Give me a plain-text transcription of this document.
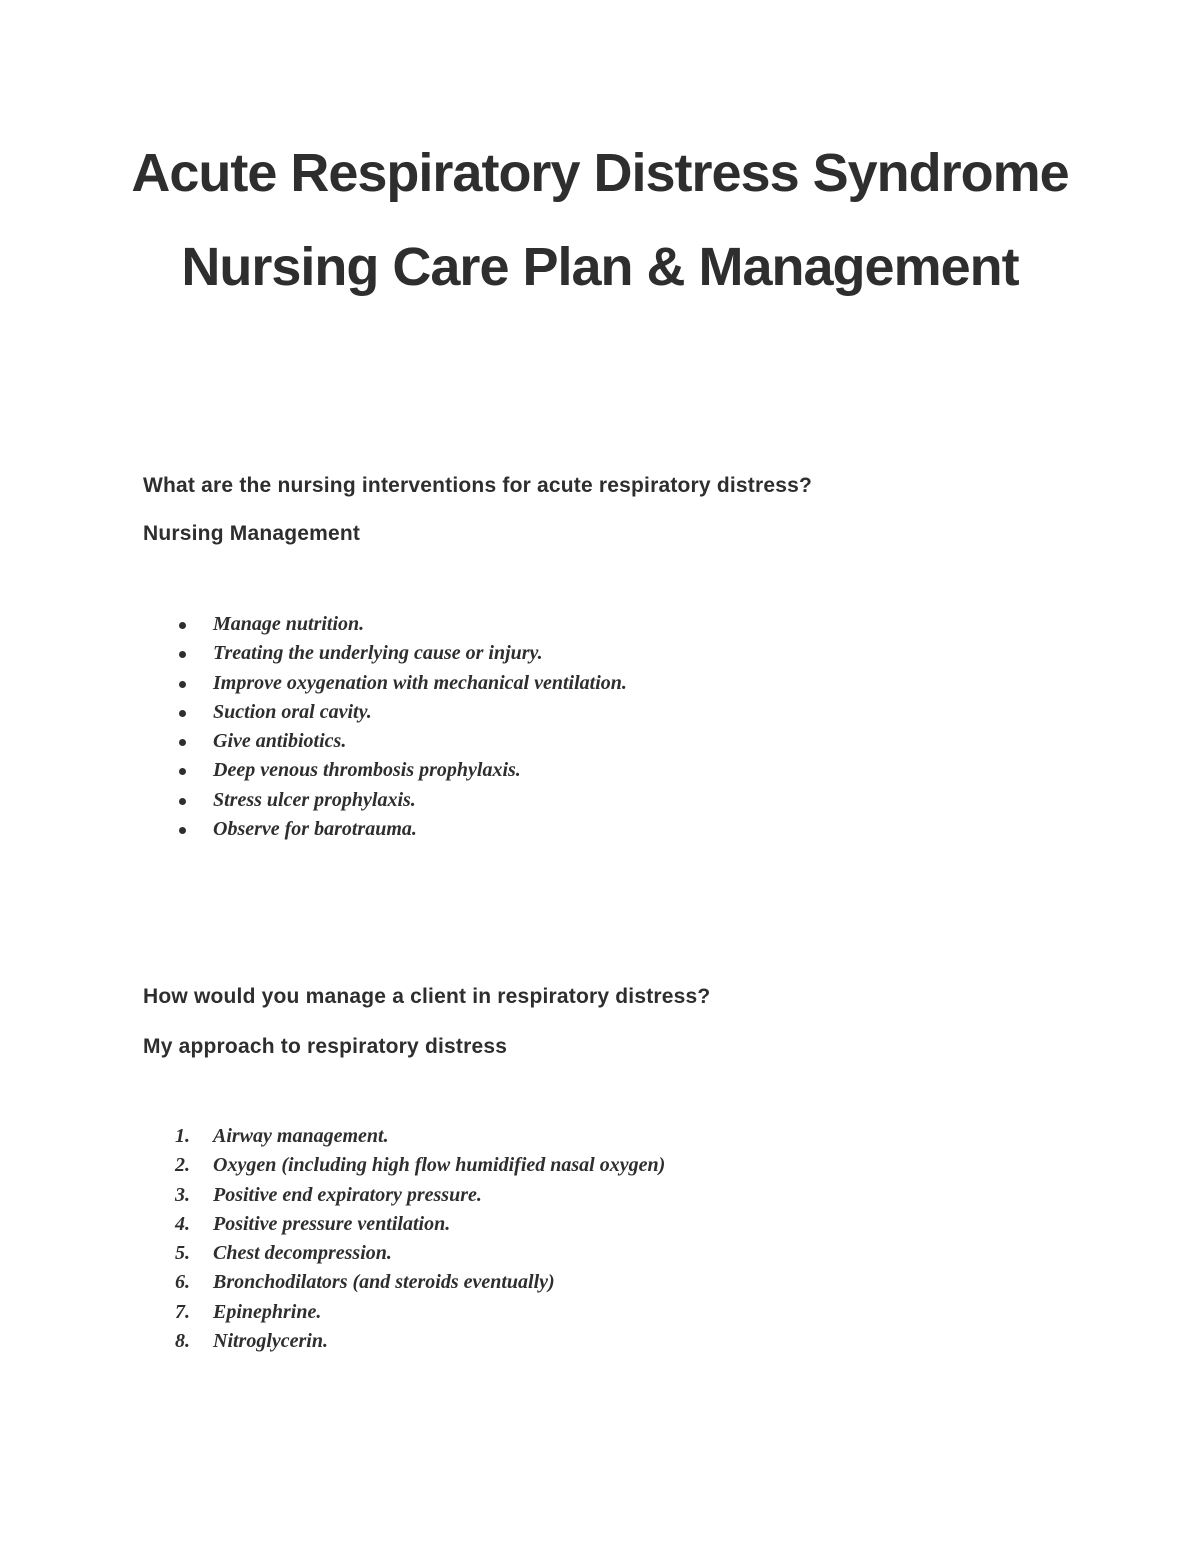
Acute Respiratory Distress Syndrome
Nursing Care Plan & Management
What are the nursing interventions for acute respiratory distress?
Nursing Management
Manage nutrition.
Treating the underlying cause or injury.
Improve oxygenation with mechanical ventilation.
Suction oral cavity.
Give antibiotics.
Deep venous thrombosis prophylaxis.
Stress ulcer prophylaxis.
Observe for barotrauma.
How would you manage a client in respiratory distress?
My approach to respiratory distress
1.	Airway management.
2.	Oxygen (including high flow humidified nasal oxygen)
3.	Positive end expiratory pressure.
4.	Positive pressure ventilation.
5.	Chest decompression.
6.	Bronchodilators (and steroids eventually)
7.	Epinephrine.
8.	Nitroglycerin.
